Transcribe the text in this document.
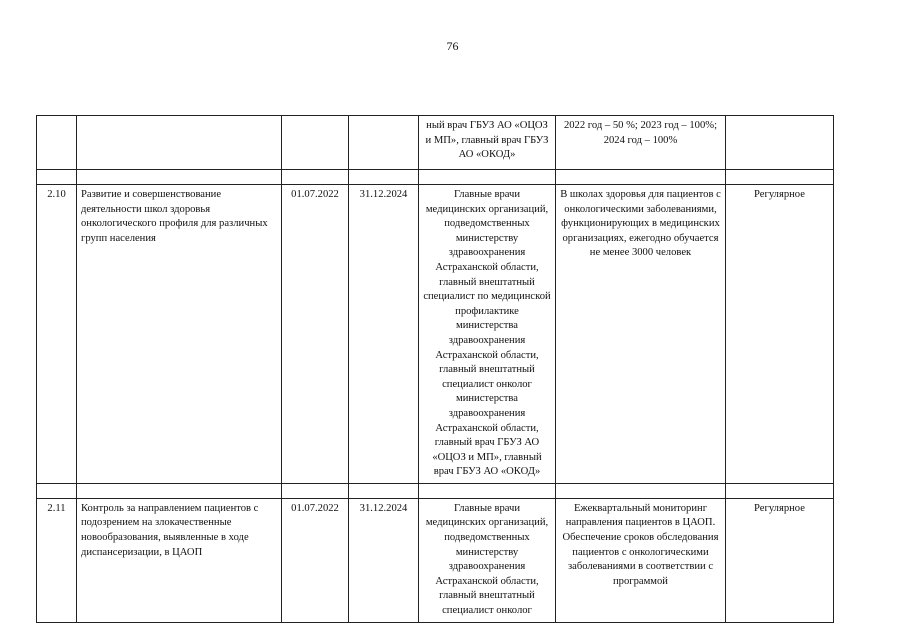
76
				ный врач ГБУЗ АО «ОЦОЗ и МП», главный врач ГБУЗ АО «ОКОД»	2022 год – 50 %; 2023 год – 100%; 2024 год – 100%	

2.10	Развитие и совершенствование деятельности школ здоровья онкологического профиля для различных групп населения	01.07.2022	31.12.2024	Главные врачи медицинских организаций, подведомственных министерству здравоохранения Астраханской области, главный внештатный специалист по медицинской профилактике министерства здравоохранения Астраханской области, главный внештатный специалист онколог министерства здравоохранения Астраханской области, главный врач ГБУЗ АО «ОЦОЗ и МП», главный врач ГБУЗ АО «ОКОД»	В школах здоровья для пациентов с онкологическими заболеваниями, функционирующих в медицинских организациях, ежегодно обучается не менее 3000 человек	Регулярное

2.11	Контроль за направлением пациентов с подозрением на злокачественные новообразования, выявленные в ходе диспансеризации, в ЦАОП	01.07.2022	31.12.2024	Главные врачи медицинских организаций, подведомственных министерству здравоохранения Астраханской области, главный внештатный специалист онколог	Ежеквартальный мониторинг направления пациентов в ЦАОП. Обеспечение сроков обследования пациентов с онкологическими заболеваниями в соответствии с программой	Регулярное
